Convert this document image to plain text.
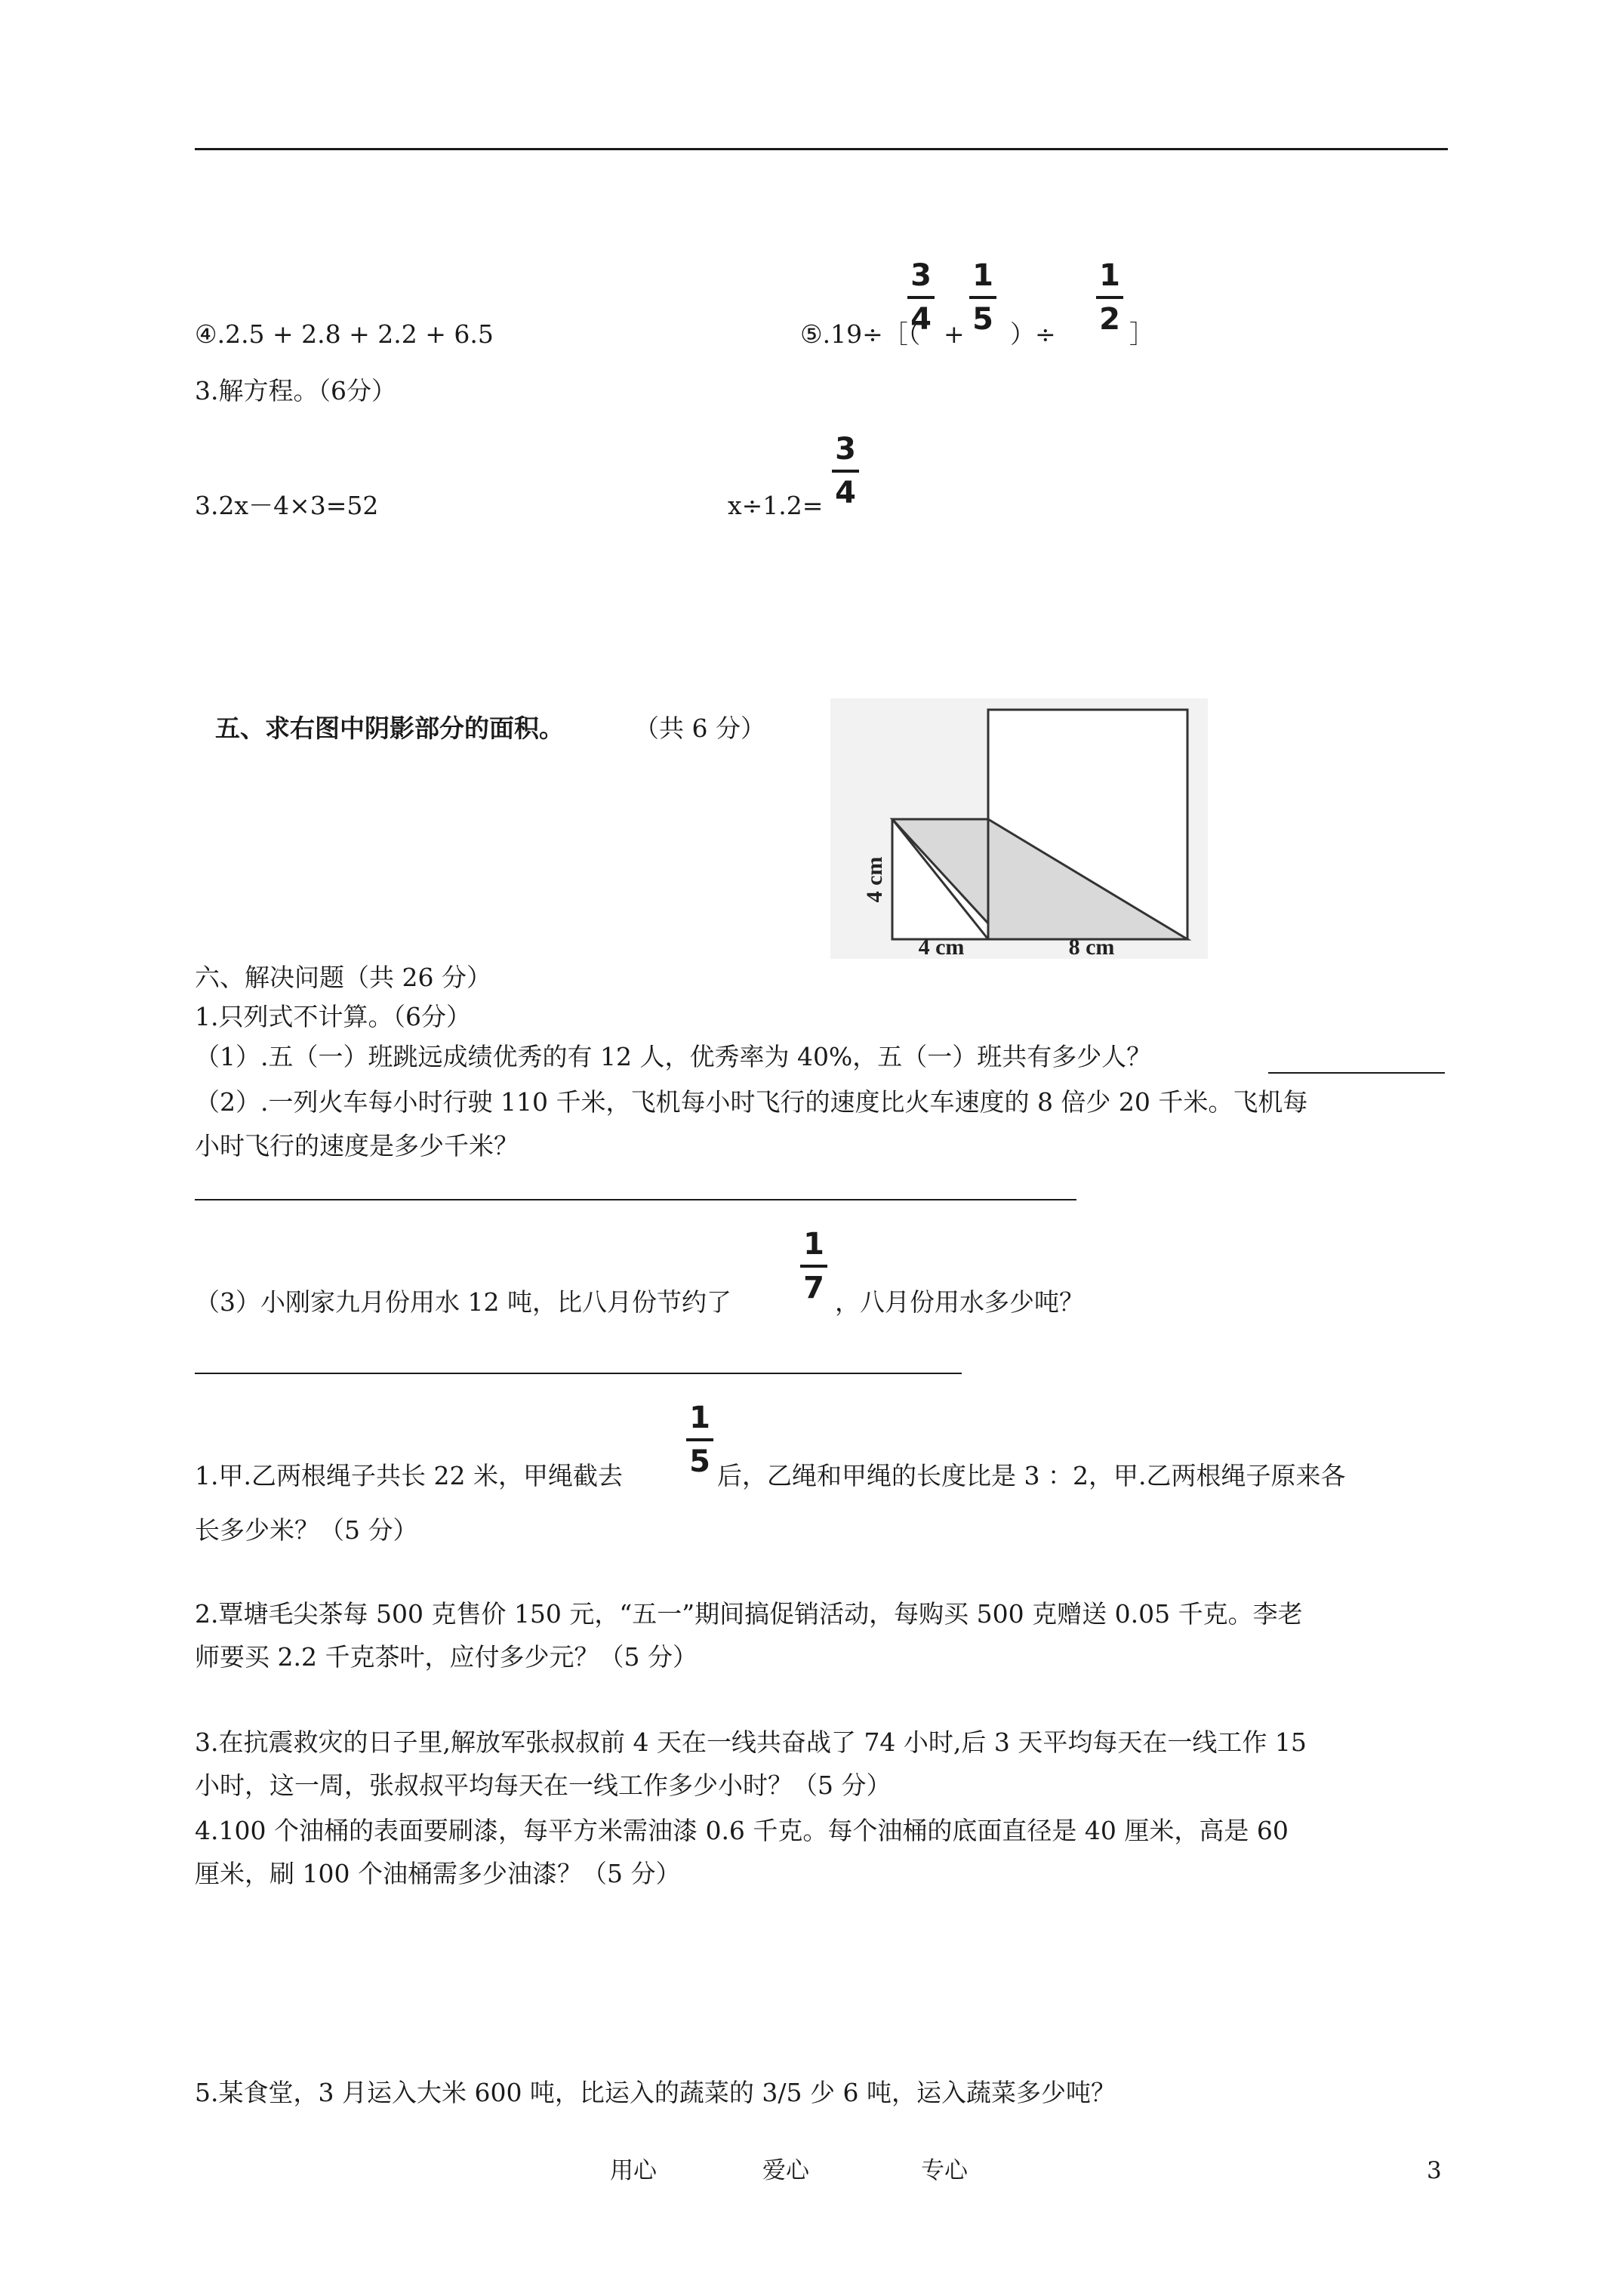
④.2.5 + 2.8 + 2.2 + 6.5	⑤.19÷［（
3
4 +
1
5 ）÷
1
2 ］
3.解方程。（6分）
3.2x－4×3=52	x÷1.2=
3
4
五、求右图中阴影部分的面积。	（共 6 分）
4 cm
4 cm	8 cm
六、解决问题（共 26 分）
1.只列式不计算。（6分）
（1）.五（一）班跳远成绩优秀的有 12 人，优秀率为 40%，五（一）班共有多少人？
（2）.一列火车每小时行驶 110 千米，飞机每小时飞行的速度比火车速度的 8 倍少 20 千米。飞机每
小时飞行的速度是多少千米？
（3）小刚家九月份用水 12 吨，比八月份节约了
1
7 ，八月份用水多少吨？
1.甲.乙两根绳子共长 22 米，甲绳截去
1
5 后，乙绳和甲绳的长度比是 3 ：2，甲.乙两根绳子原来各
长多少米？（5 分）
2.覃塘毛尖茶每 500 克售价 150 元，“五一”期间搞促销活动，每购买 500 克赠送 0.05 千克。李老
师要买 2.2 千克茶叶，应付多少元？（5 分）
3.在抗震救灾的日子里,解放军张叔叔前 4 天在一线共奋战了 74 小时,后 3 天平均每天在一线工作 15
小时，这一周，张叔叔平均每天在一线工作多少小时？（5 分）
4.100 个油桶的表面要刷漆，每平方米需油漆 0.6 千克。每个油桶的底面直径是 40 厘米，高是 60
厘米，刷 100 个油桶需多少油漆？（5 分）
5.某食堂，3 月运入大米 600 吨，比运入的蔬菜的 3/5 少 6 吨，运入蔬菜多少吨？
用心	爱心	专心	3
